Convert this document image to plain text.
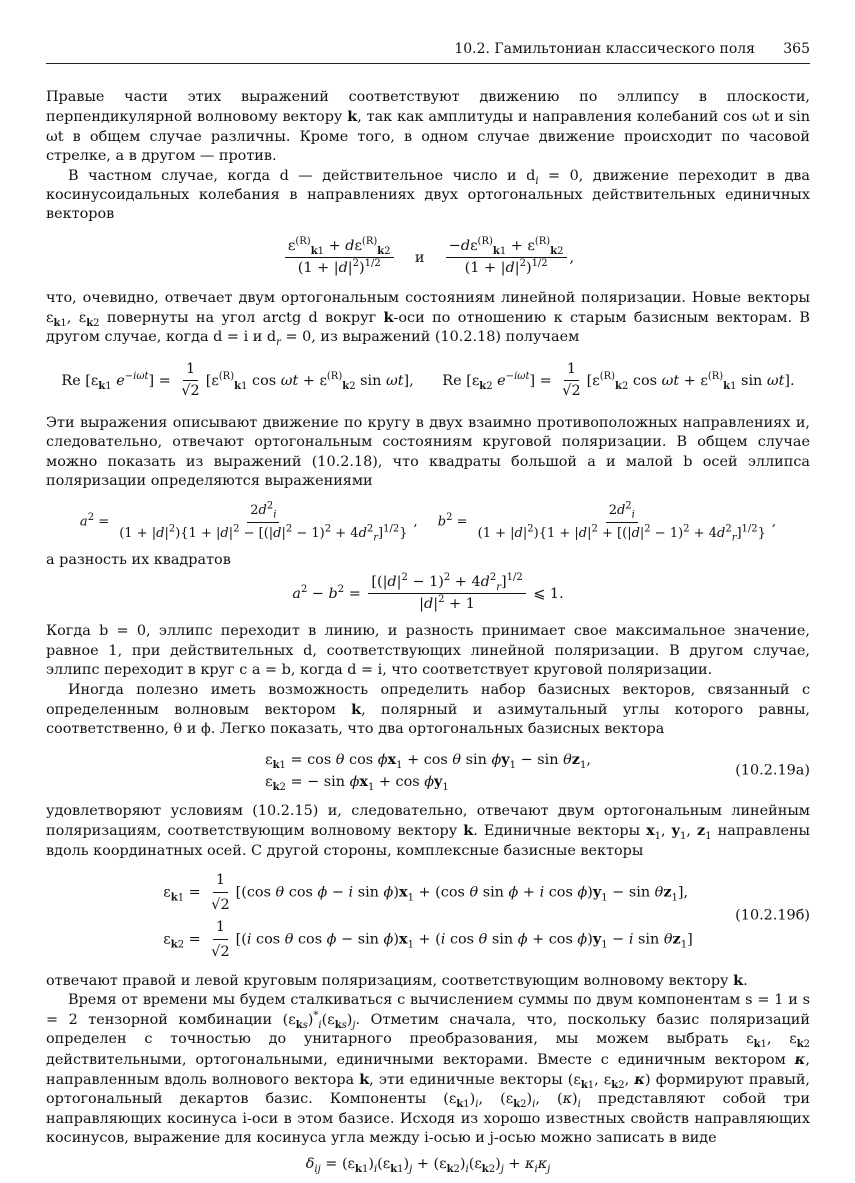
10.2. Гамильтониан классического поля 365

Правые части этих выражений соответствуют движению по эллипсу в плоскости, перпендикулярной волновому вектору k, так как амплитуды и направления колебаний cos ωt и sin ωt в общем случае различны. Кроме того, в одном случае движение происходит по часовой стрелке, а в другом — против.

В частном случае, когда d — действительное число и $d_i = 0$, движение переходит в два косинусоидальных колебания в направлениях двух ортогональных действительных единичных векторов

$\frac{\varepsilon^{(R)}_{k1} + d\varepsilon^{(R)}_{k2}}{(1 + |d|^2)^{1/2}}$ и $\frac{-d\varepsilon^{(R)}_{k1} + \varepsilon^{(R)}_{k2}}{(1 + |d|^2)^{1/2}}$ ,

что, очевидно, отвечает двум ортогональным состояниям линейной поляризации. Новые векторы $\varepsilon_{k1}$, $\varepsilon_{k2}$ повернуты на угол arctg d вокруг k-оси по отношению к старым базисным векторам. В другом случае, когда d = i и $d_r = 0$, из выражений (10.2.18) получаем

Re [$\varepsilon_{k1}$ $e^{-i\omega t}] = \frac{1}{√2} [\varepsilon^{(R)}_{k1}$ $\cos \omega t + \varepsilon^{(R)}_{k2}$ sin ωt], Re [$\varepsilon_{k2}$ $e^{-i\omega t}] = \frac{1}{√2} [\varepsilon^{(R)}_{k2}$ $\cos \omega t + \varepsilon^{(R)}_{k1}$ sin ωt].

Эти выражения описывают движение по кругу в двух взаимно противоположных направлениях и, следовательно, отвечают ортогональным состояниям круговой поляризации. В общем случае можно показать из выражений (10.2.18), что квадраты большой a и малой b осей эллипса поляризации определяются выражениями

$a^2 = \frac{2d^2_i}{(1 + |d|^2)\{1 + |d|^2 - [(|d|^2 - 1)^2 + 4d^2_r]^{1/2}\}}$ , $b^2 = \frac{2d^2_i}{(1 + |d|^2)\{1 + |d|^2 + [(|d|^2 - 1)^2 + 4d^2_r]^{1/2}\}}$ ,

а разность их квадратов

$a^2 - b^2 = \frac{[(|d|^2 - 1)^2 + 4d^2_r]^{1/2}}{|d|^2 + 1}$ ⩽ 1.

Когда b = 0, эллипс переходит в линию, и разность принимает свое максимальное значение, равное 1, при действительных d, соответствующих линейной поляризации. В другом случае, эллипс переходит в круг с a = b, когда d = i, что соответствует круговой поляризации.

Иногда полезно иметь возможность определить набор базисных векторов, связанный с определенным волновым вектором k, полярный и азимутальный углы которого равны, соответственно, θ и ϕ. Легко показать, что два ортогональных базисных вектора

$\varepsilon_{k1} = \cos \theta$ $\cos \phi x_1 + \cos \theta$ $\sin \phi y_1 - \sin \theta z_1$,
$\varepsilon_{k2}$ = − $\sin \phi x_1 + \cos \phi y_1$
(10.2.19а)

удовлетворяют условиям (10.2.15) и, следовательно, отвечают двум ортогональным линейным поляризациям, соответствующим волновому вектору k. Единичные векторы $x_1$, $y_1$, $z_1$ направлены вдоль координатных осей. С другой стороны, комплексные базисные векторы

$\varepsilon_{k1} = \frac{1}{√2} [(\cos$ θ cos ϕ − i $\sin \phi)x_1 + (\cos$ θ sin ϕ + i $\cos \phi)y_1 - \sin \theta z_1$],
$\varepsilon_{k2} = \frac{1}{√2} [(i$ cos θ $\cos \phi - \sin \phi)x_1 + (i$ cos θ $\sin \phi + \cos \phi)y_1 - i$ $\sin \theta z_1$]
(10.2.19б)

отвечают правой и левой круговым поляризациям, соответствующим волновому вектору k.

Время от времени мы будем сталкиваться с вычислением суммы по двум компонентам s = 1 и s = 2 тензорной комбинации $(\varepsilon_{ks})^*_i(\varepsilon_{ks})_j$. Отметим сначала, что, поскольку базис поляризаций определен с точностью до унитарного преобразования, мы можем выбрать $\varepsilon_{k1}$, $\varepsilon_{k2}$ действительными, ортогональными, единичными векторами. Вместе с единичным вектором κ, направленным вдоль волнового вектора k, эти единичные векторы ($\varepsilon_{k1}$, $\varepsilon_{k2}$, κ) формируют правый, ортогональный декартов базис. Компоненты $(\varepsilon_{k1})_i$, $(\varepsilon_{k2})_i$, $(\kappa)_i$ представляют собой три направляющих косинуса i-оси в этом базисе. Исходя из хорошо известных свойств направляющих косинусов, выражение для косинуса угла между i-осью и j-осью можно записать в виде

$\delta_{ij} = (\varepsilon_{k1})_i(\varepsilon_{k1})_j + (\varepsilon_{k2})_i(\varepsilon_{k2})_j + \kappa_i\kappa_j$
